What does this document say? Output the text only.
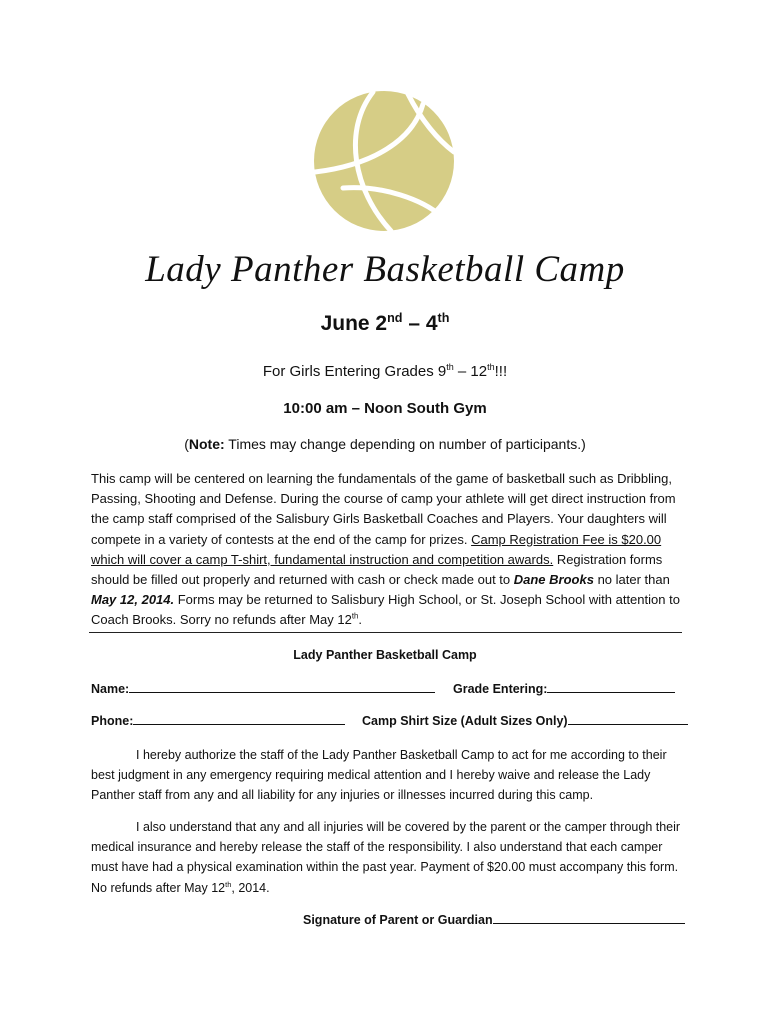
Lady Panther Basketball Camp
June 2nd – 4th
For Girls Entering Grades 9th – 12th!!!
10:00 am – Noon South Gym
(Note: Times may change depending on number of participants.)
This camp will be centered on learning the fundamentals of the game of basketball such as Dribbling, Passing, Shooting and Defense. During the course of camp your athlete will get direct instruction from the camp staff comprised of the Salisbury Girls Basketball Coaches and Players. Your daughters will compete in a variety of contests at the end of the camp for prizes. Camp Registration Fee is $20.00 which will cover a camp T-shirt, fundamental instruction and competition awards. Registration forms should be filled out properly and returned with cash or check made out to Dane Brooks no later than May 12, 2014. Forms may be returned to Salisbury High School, or St. Joseph School with attention to Coach Brooks. Sorry no refunds after May 12th.
Lady Panther Basketball Camp
Name:	Grade Entering:
Phone:	Camp Shirt Size (Adult Sizes Only)
I hereby authorize the staff of the Lady Panther Basketball Camp to act for me according to their best judgment in any emergency requiring medical attention and I hereby waive and release the Lady Panther staff from any and all liability for any injuries or illnesses incurred during this camp.
I also understand that any and all injuries will be covered by the parent or the camper through their medical insurance and hereby release the staff of the responsibility. I also understand that each camper must have had a physical examination within the past year. Payment of $20.00 must accompany this form. No refunds after May 12th, 2014.
Signature of Parent or Guardian
